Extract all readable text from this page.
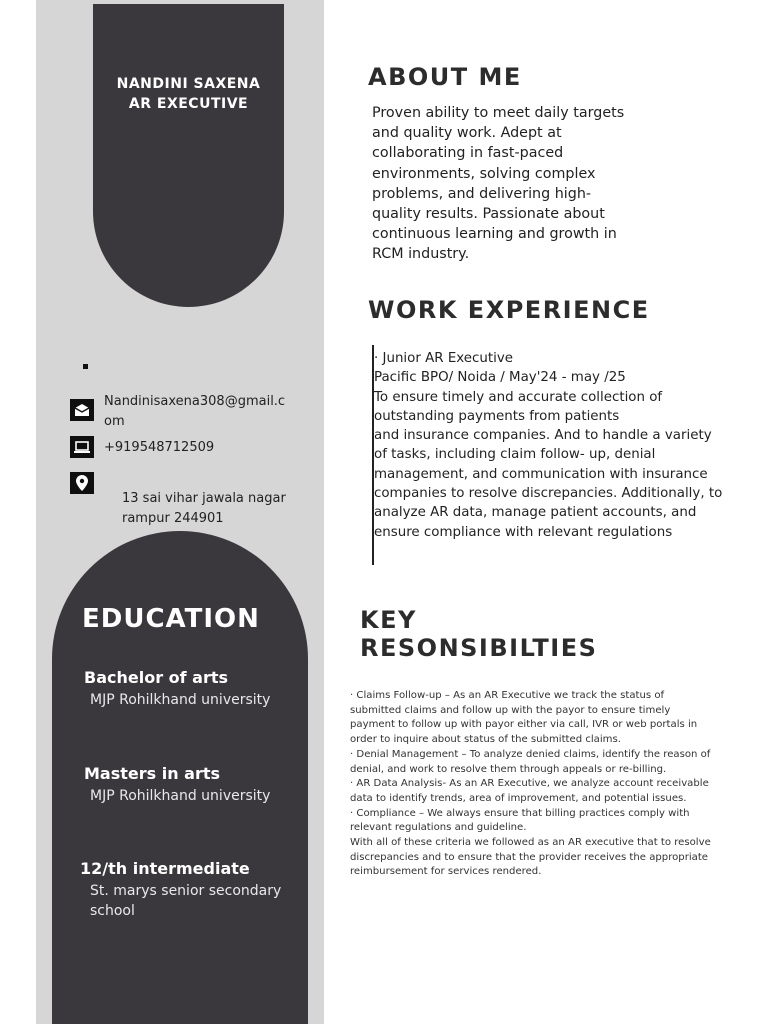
NANDINI SAXENA
AR EXECUTIVE
Nandinisaxena308@gmail.c
om
+919548712509
13 sai vihar jawala nagar
rampur 244901
EDUCATION
Bachelor of arts
MJP Rohilkhand university
Masters in arts
MJP Rohilkhand university
12/th intermediate
St. marys senior secondary
school
ABOUT ME
Proven ability to meet daily targets
and quality work. Adept at
collaborating in fast-paced
environments, solving complex
problems, and delivering high-
quality results. Passionate about
continuous learning and growth in
RCM industry.
WORK EXPERIENCE
· Junior AR Executive
Pacific BPO/ Noida / May'24 - may /25
To ensure timely and accurate collection of
outstanding payments from patients
and insurance companies. And to handle a variety
of tasks, including claim follow- up, denial
management, and communication with insurance
companies to resolve discrepancies. Additionally, to
analyze AR data, manage patient accounts, and
ensure compliance with relevant regulations
KEY
RESONSIBILTIES
· Claims Follow-up – As an AR Executive we track the status of
submitted claims and follow up with the payor to ensure timely
payment to follow up with payor either via call, IVR or web portals in
order to inquire about status of the submitted claims.
· Denial Management – To analyze denied claims, identify the reason of
denial, and work to resolve them through appeals or re-billing.
· AR Data Analysis- As an AR Executive, we analyze account receivable
data to identify trends, area of improvement, and potential issues.
· Compliance – We always ensure that billing practices comply with
relevant regulations and guideline.
With all of these criteria we followed as an AR executive that to resolve
discrepancies and to ensure that the provider receives the appropriate
reimbursement for services rendered.
